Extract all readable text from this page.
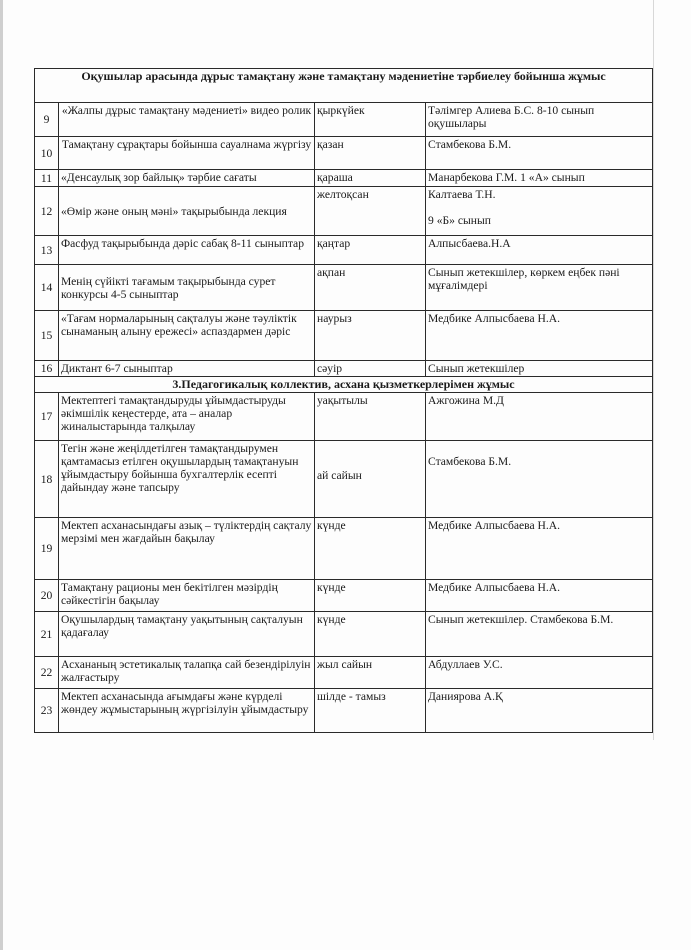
Оқушылар арасында дұрыс тамақтану және тамақтану мәдениетіне тәрбиелеу бойынша жұмыс			
9	«Жалпы дұрыс тамақтану мәдениеті» видео ролик	қыркүйек	Тәлімгер Алиева Б.С. 8-10 сынып оқушылары
10	Тамақтану сұрақтары бойынша сауалнама жүргізу	қазан	Стамбекова Б.М.
11	«Денсаулық зор байлық» тәрбие сағаты	қараша	Манарбекова Г.М. 1 «А» сынып
12	«Өмір және оның мәні» тақырыбында лекция	желтоқсан	Калтаева Т.Н.
9 «Б» сынып
13	Фасфуд тақырыбында дәріс сабақ 8-11 сыныптар	қаңтар	Алпысбаева.Н.А
14	Менің сүйікті тағамым тақырыбында сурет конкурсы 4-5 сыныптар	ақпан	Сынып жетекшілер, көркем еңбек пәні мұғалімдері
15	«Тағам нормаларының сақталуы және тәуліктік сынаманың алыну ережесі» аспаздармен дәріс	наурыз	Медбике Алпысбаева Н.А.
16	Диктант 6-7 сыныптар	сәуір	Сынып жетекшілер
3.Педагогикалық коллектив, асхана қызметкерлерімен жұмыс			
17	Мектептегі тамақтандыруды ұйымдастыруды әкімшілік кеңестерде, ата – аналар жиналыстарында талқылау	уақытылы	Ажгожина М.Д
18	Тегін және жеңілдетілген тамақтандырумен қамтамасыз етілген оқушылардың тамақтануын ұйымдастыру бойынша бухгалтерлік есепті дайындау және тапсыру	ай сайын	Стамбекова Б.М.
19	Мектеп асханасындағы азық – түліктердің сақталу мерзімі мен жағдайын бақылау	күнде	Медбике Алпысбаева Н.А.
20	Тамақтану рационы мен бекітілген мәзірдің сәйкестігін бақылау	күнде	Медбике Алпысбаева Н.А.
21	Оқушылардың тамақтану уақытының сақталуын қадағалау	күнде	Сынып жетекшілер. Стамбекова Б.М.
22	Асхананың эстетикалық талапқа сай безендірілуін жалғастыру	жыл сайын	Абдуллаев У.С.
23	Мектеп асханасында ағымдағы және күрделі жөндеу жұмыстарының жүргізілуін ұйымдастыру	шілде - тамыз	Даниярова А.Қ
